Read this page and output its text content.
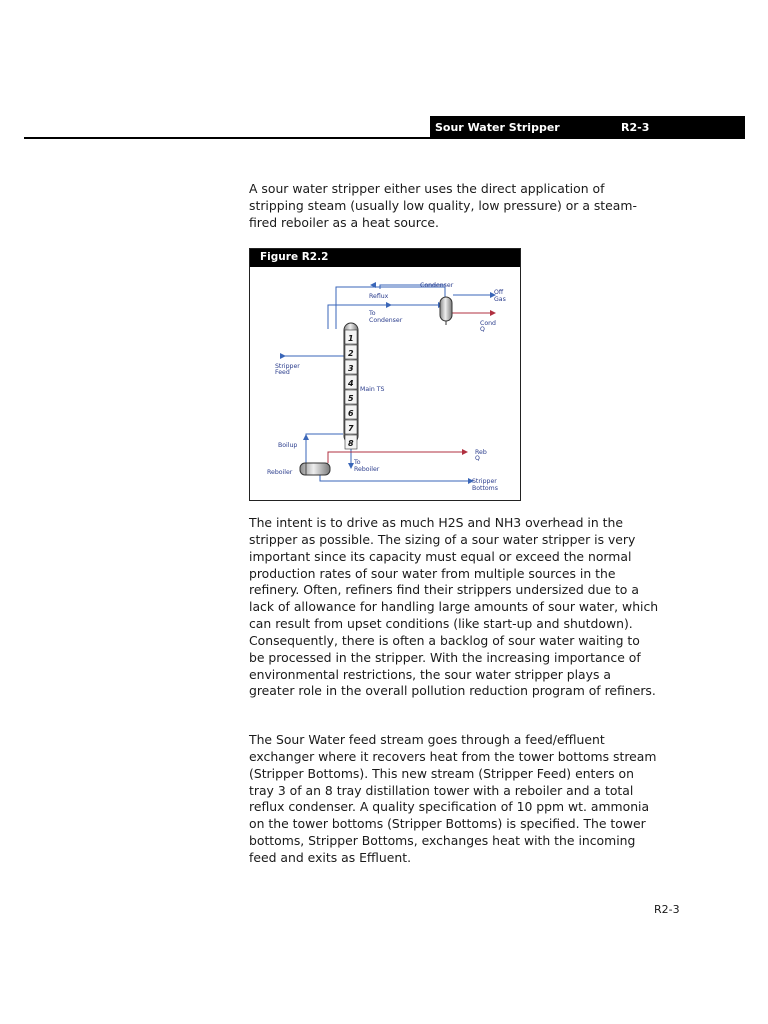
Sour Water Stripper	R2-3

A sour water stripper either uses the direct application of stripping steam (usually low quality, low pressure) or a steam-fired reboiler as a heat source.

Figure R2.2
1
2
3
4
5
6
7
8
Condenser
Off
Gas
Reflux
To
Condenser	Cond
Q
Stripper
Feed
Main TS
Boilup
Reboiler
To
Reboiler
Reb
Q
Stripper
Bottoms

The intent is to drive as much H2S and NH3 overhead in the stripper as possible. The sizing of a sour water stripper is very important since its capacity must equal or exceed the normal production rates of sour water from multiple sources in the refinery. Often, refiners find their strippers undersized due to a lack of allowance for handling large amounts of sour water, which can result from upset conditions (like start-up and shutdown). Consequently, there is often a backlog of sour water waiting to be processed in the stripper. With the increasing importance of environmental restrictions, the sour water stripper plays a greater role in the overall pollution reduction program of refiners.

The Sour Water feed stream goes through a feed/effluent exchanger where it recovers heat from the tower bottoms stream (Stripper Bottoms). This new stream (Stripper Feed) enters on tray 3 of an 8 tray distillation tower with a reboiler and a total reflux condenser. A quality specification of 10 ppm wt. ammonia on the tower bottoms (Stripper Bottoms) is specified. The tower bottoms, Stripper Bottoms, exchanges heat with the incoming feed and exits as Effluent.

R2-3
